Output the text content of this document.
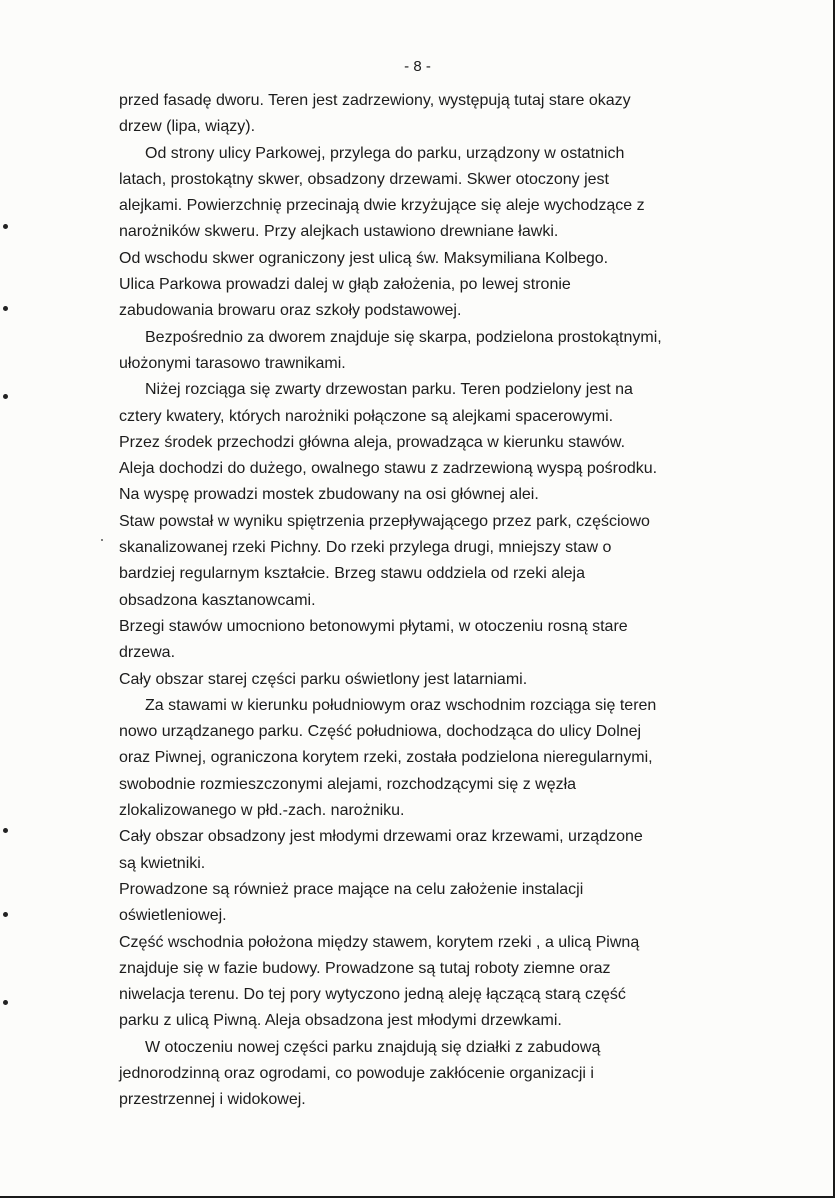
- 8 -
przed fasadę dworu. Teren jest zadrzewiony, występują tutaj stare okazy
drzew (lipa, wiązy).
Od strony ulicy Parkowej, przylega do parku, urządzony w ostatnich
latach, prostokątny skwer, obsadzony drzewami. Skwer otoczony jest
alejkami. Powierzchnię przecinają dwie krzyżujące się aleje wychodzące z
narożników skweru. Przy alejkach ustawiono drewniane ławki.
Od wschodu skwer ograniczony jest ulicą św. Maksymiliana Kolbego.
Ulica Parkowa prowadzi dalej w głąb założenia, po lewej stronie
zabudowania browaru oraz szkoły podstawowej.
Bezpośrednio za dworem znajduje się skarpa, podzielona prostokątnymi,
ułożonymi tarasowo trawnikami.
Niżej rozciąga się zwarty drzewostan parku. Teren podzielony jest na
cztery kwatery, których narożniki połączone są alejkami spacerowymi.
Przez środek przechodzi główna aleja, prowadząca w kierunku stawów.
Aleja dochodzi do dużego, owalnego stawu z zadrzewioną wyspą pośrodku.
Na wyspę prowadzi mostek zbudowany na osi głównej alei.
Staw powstał w wyniku spiętrzenia przepływającego przez park, częściowo
skanalizowanej rzeki Pichny. Do rzeki przylega drugi, mniejszy staw o
bardziej regularnym kształcie. Brzeg stawu oddziela od rzeki aleja
obsadzona kasztanowcami.
Brzegi stawów umocniono betonowymi płytami, w otoczeniu rosną stare
drzewa.
Cały obszar starej części parku oświetlony jest latarniami.
Za stawami w kierunku południowym oraz wschodnim rozciąga się teren
nowo urządzanego parku. Część południowa, dochodząca do ulicy Dolnej
oraz Piwnej, ograniczona korytem rzeki, została podzielona nieregularnymi,
swobodnie rozmieszczonymi alejami, rozchodzącymi się z węzła
zlokalizowanego w płd.-zach. narożniku.
Cały obszar obsadzony jest młodymi drzewami oraz krzewami, urządzone
są kwietniki.
Prowadzone są również prace mające na celu założenie instalacji
oświetleniowej.
Część wschodnia położona między stawem, korytem rzeki , a ulicą Piwną
znajduje się w fazie budowy. Prowadzone są tutaj roboty ziemne oraz
niwelacja terenu. Do tej pory wytyczono jedną aleję łączącą starą część
parku z ulicą Piwną. Aleja obsadzona jest młodymi drzewkami.
W otoczeniu nowej części parku znajdują się działki z zabudową
jednorodzinną oraz ogrodami, co powoduje zakłócenie organizacji i
przestrzennej i widokowej.
